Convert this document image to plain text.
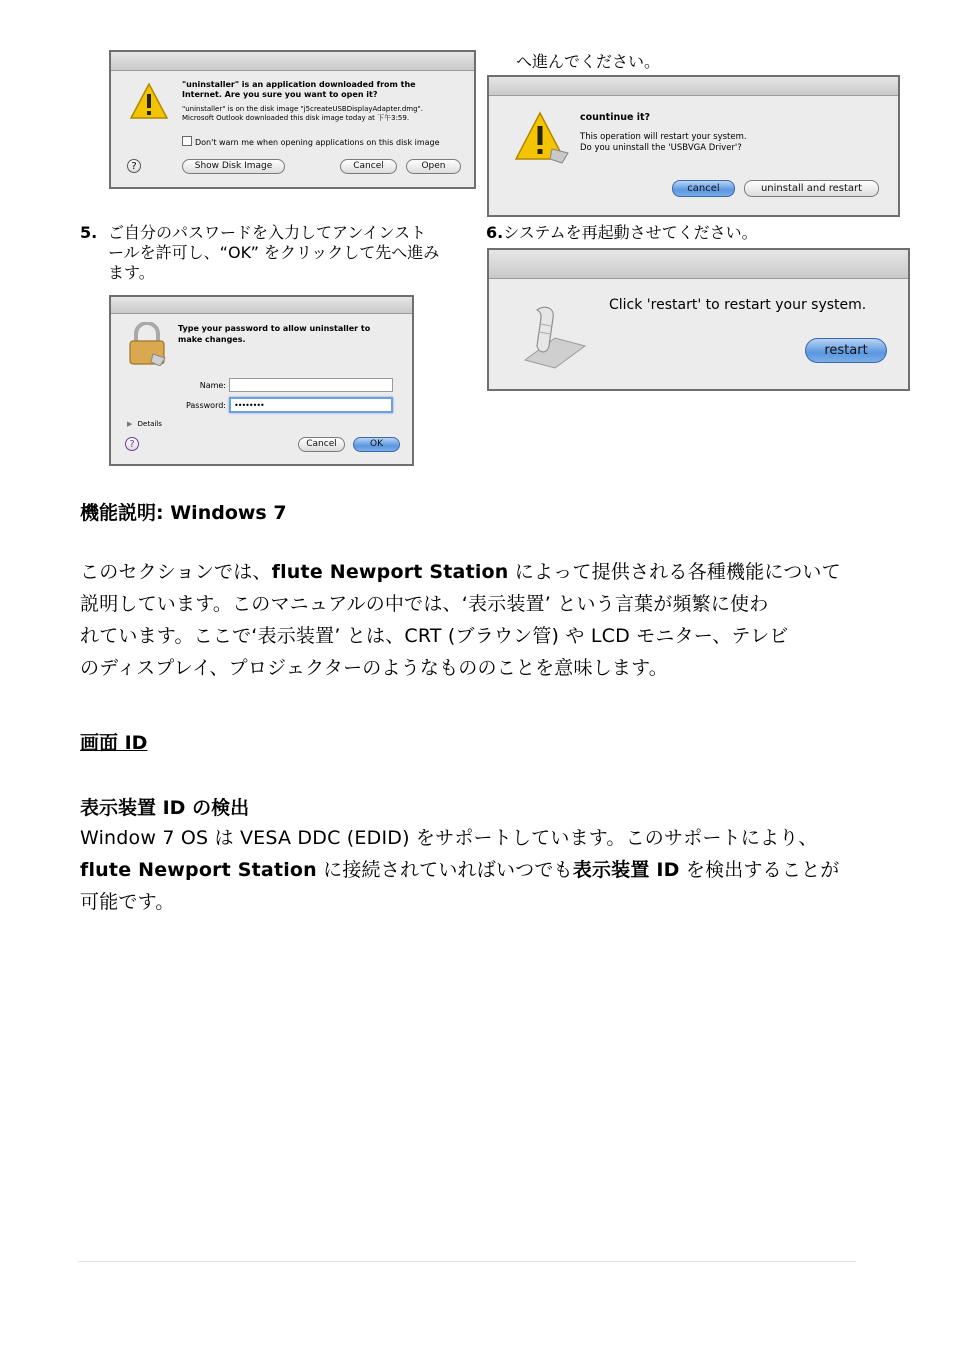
"uninstaller" is an application downloaded from the
Internet. Are you sure you want to open it?
"uninstaller" is on the disk image "j5createUSBDisplayAdapter.dmg".
Microsoft Outlook downloaded this disk image today at 下午3:59.
Don't warn me when opening applications on this disk image
?	Show Disk Image	Cancel	Open
へ進んでください。
countinue it?
This operation will restart your system.
Do you uninstall the 'USBVGA Driver'?
cancel	uninstall and restart
5. ご自分のパスワードを入力してアンインスト
ールを許可し、“OK” をクリックして先へ進み
ます。
6.システムを再起動させてください。
Type your password to allow uninstaller to
make changes.
Name:
Password: ••••••••
▶ Details
?	Cancel	OK
Click 'restart' to restart your system.
restart
機能説明: Windows 7
このセクションでは、flute Newport Station によって提供される各種機能について
説明しています。このマニュアルの中では、‘表示装置’ という言葉が頻繁に使わ
れています。ここで‘表示装置’ とは、CRT (ブラウン管) や LCD モニター、テレビ
のディスプレイ、プロジェクターのようなもののことを意味します。
画面 ID
表示装置 ID の検出
Window 7 OS は VESA DDC (EDID) をサポートしています。このサポートにより、
flute Newport Station に接続されていればいつでも表示装置 ID を検出することが
可能です。
